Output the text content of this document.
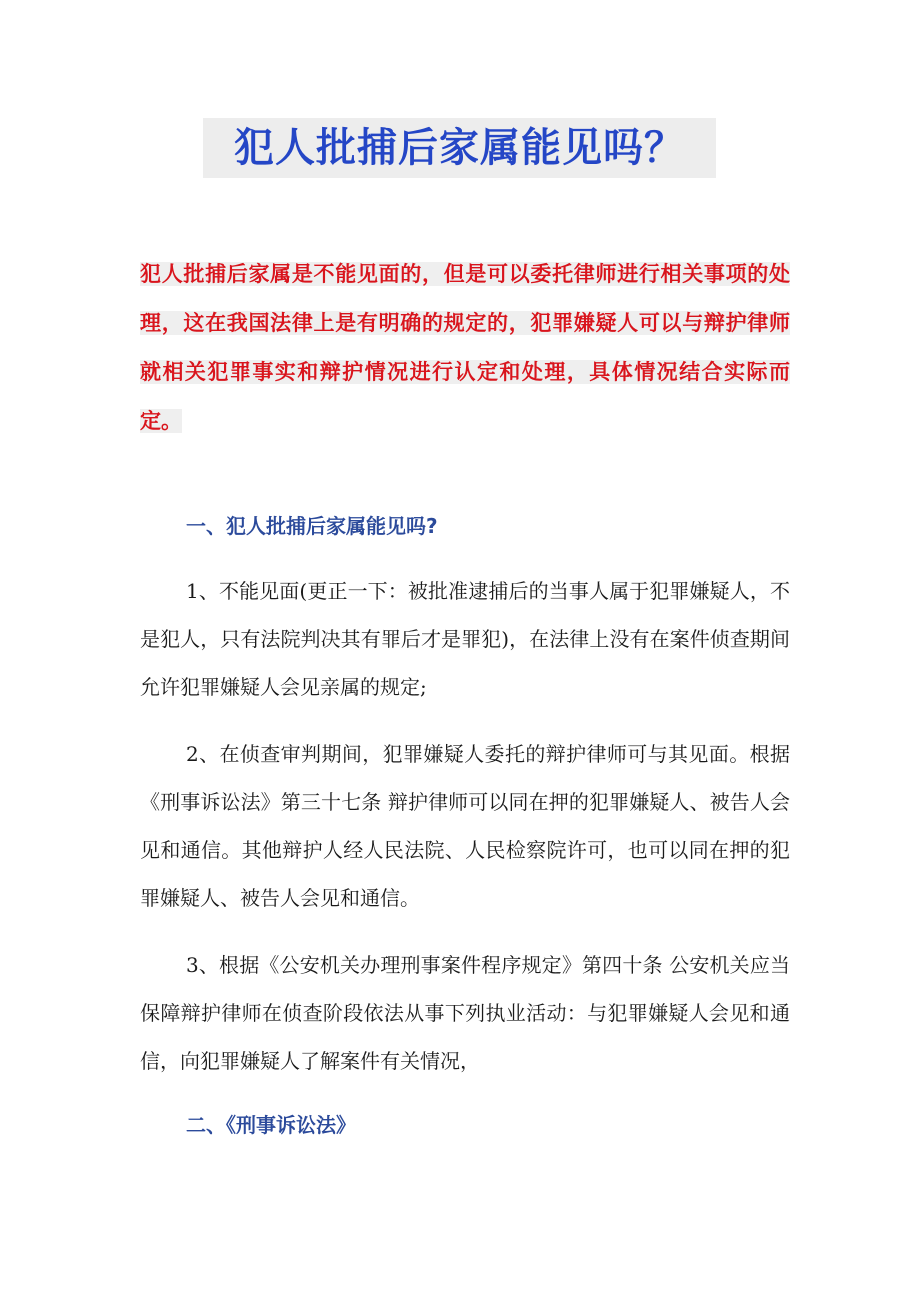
犯人批捕后家属能见吗？
犯人批捕后家属是不能见面的，但是可以委托律师进行相关事项的处理，这在我国法律上是有明确的规定的，犯罪嫌疑人可以与辩护律师就相关犯罪事实和辩护情况进行认定和处理，具体情况结合实际而定。
一、犯人批捕后家属能见吗?
1、不能见面(更正一下：被批准逮捕后的当事人属于犯罪嫌疑人，不是犯人，只有法院判决其有罪后才是罪犯)，在法律上没有在案件侦查期间允许犯罪嫌疑人会见亲属的规定;
2、在侦查审判期间，犯罪嫌疑人委托的辩护律师可与其见面。根据《刑事诉讼法》第三十七条 辩护律师可以同在押的犯罪嫌疑人、被告人会见和通信。其他辩护人经人民法院、人民检察院许可，也可以同在押的犯罪嫌疑人、被告人会见和通信。
3、根据《公安机关办理刑事案件程序规定》第四十条 公安机关应当保障辩护律师在侦查阶段依法从事下列执业活动：与犯罪嫌疑人会见和通信，向犯罪嫌疑人了解案件有关情况，
二、《刑事诉讼法》
